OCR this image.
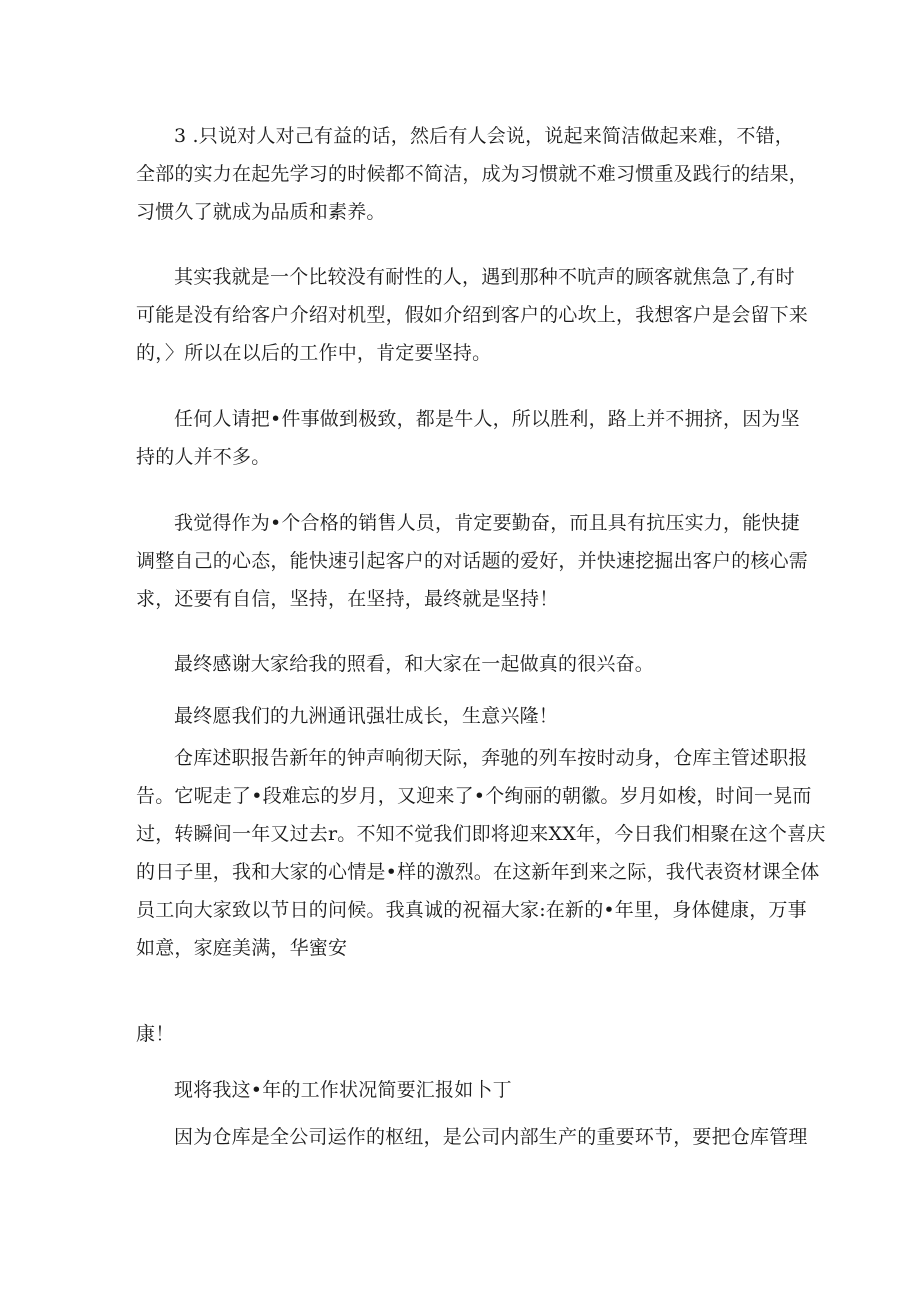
3 .只说对人对己有益的话，然后有人会说，说起来简洁做起来难，不错，
全部的实力在起先学习的时候都不简洁，成为习惯就不难习惯重及践行的结果，
习惯久了就成为品质和素养。

其实我就是一个比较没有耐性的人，遇到那种不吭声的顾客就焦急了,有时
可能是没有给客户介绍对机型，假如介绍到客户的心坎上，我想客户是会留下来
的，〉所以在以后的工作中，肯定要坚持。

任何人请把•件事做到极致，都是牛人，所以胜利，路上并不拥挤，因为坚
持的人并不多。

我觉得作为•个合格的销售人员，肯定要勤奋，而且具有抗压实力，能快捷
调整自己的心态，能快速引起客户的对话题的爱好，并快速挖掘出客户的核心需
求，还要有自信，坚持，在坚持，最终就是坚持！

最终感谢大家给我的照看，和大家在一起做真的很兴奋。

最终愿我们的九洲通讯强壮成长，生意兴隆！

仓库述职报告新年的钟声响彻天际，奔驰的列车按时动身，仓库主管述职报
告。它呢走了•段难忘的岁月，又迎来了•个绚丽的朝徽。岁月如梭，时间一晃而
过，转瞬间一年又过去r。不知不觉我们即将迎来XX年，今日我们相聚在这个喜庆
的日子里，我和大家的心情是•样的激烈。在这新年到来之际，我代表资材课全体
员工向大家致以节日的问候。我真诚的祝福大家:在新的•年里，身体健康，万事
如意，家庭美满，华蜜安

康！

现将我这•年的工作状况简要汇报如卜丁

因为仓库是全公司运作的枢纽，是公司内部生产的重要环节，要把仓库管理
